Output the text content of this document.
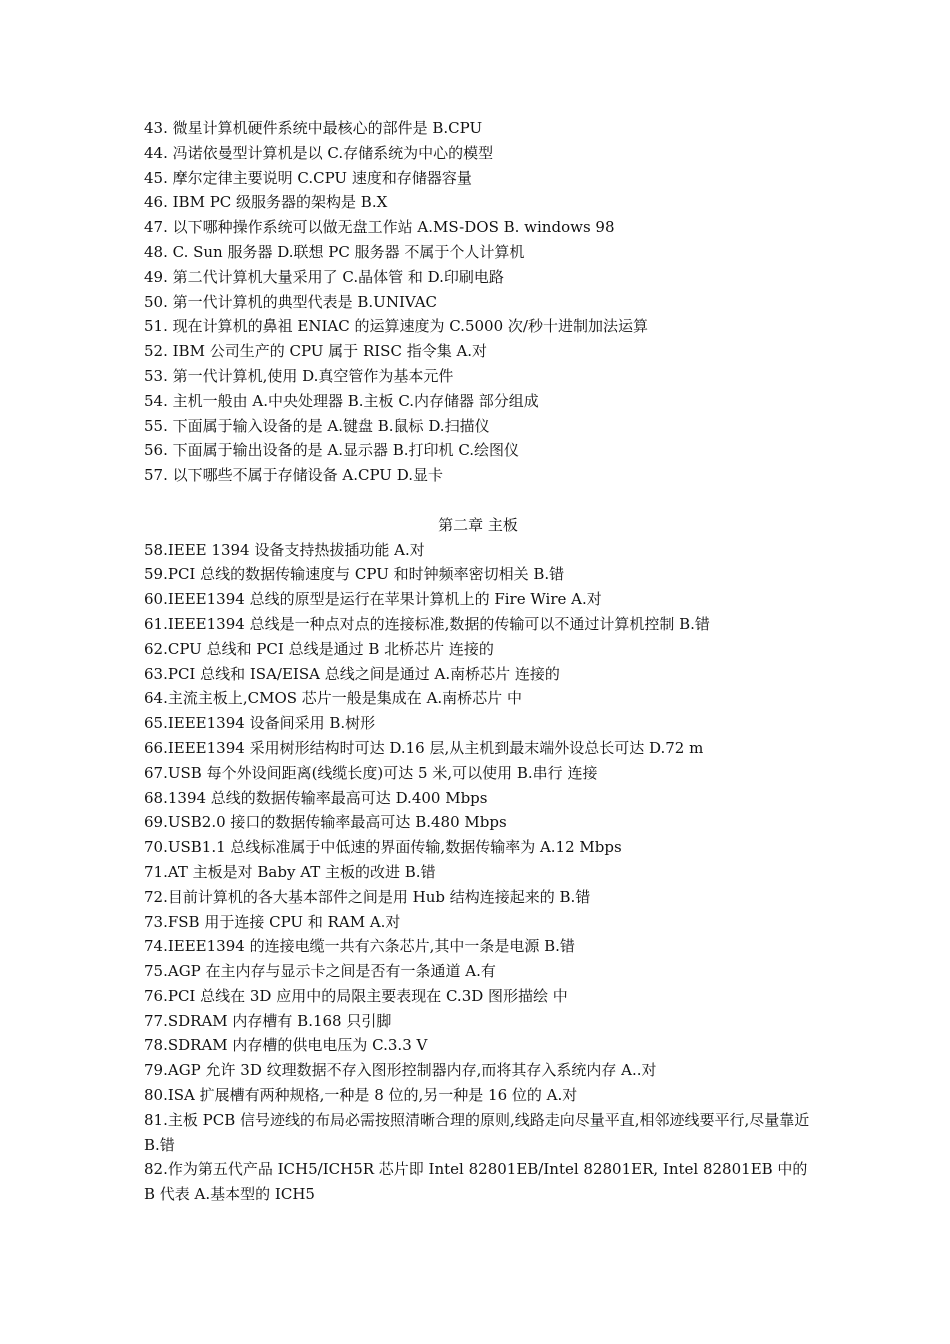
43. 微星计算机硬件系统中最核心的部件是 B.CPU
44. 冯诺依曼型计算机是以 C.存储系统为中心的模型
45. 摩尔定律主要说明 C.CPU 速度和存储器容量
46. IBM PC 级服务器的架构是 B.X
47. 以下哪种操作系统可以做无盘工作站 A.MS-DOS B. windows 98
48. C. Sun 服务器 D.联想 PC 服务器 不属于个人计算机
49. 第二代计算机大量采用了 C.晶体管 和 D.印刷电路
50. 第一代计算机的典型代表是 B.UNIVAC
51. 现在计算机的鼻祖 ENIAC 的运算速度为 C.5000 次/秒十进制加法运算
52. IBM 公司生产的 CPU 属于 RISC 指令集 A.对
53. 第一代计算机,使用 D.真空管作为基本元件
54. 主机一般由 A.中央处理器 B.主板 C.内存储器 部分组成
55. 下面属于输入设备的是 A.键盘 B.鼠标 D.扫描仪
56. 下面属于输出设备的是 A.显示器 B.打印机 C.绘图仪
57. 以下哪些不属于存储设备 A.CPU D.显卡
第二章 主板
58.IEEE 1394 设备支持热拔插功能 A.对
59.PCI 总线的数据传输速度与 CPU 和时钟频率密切相关 B.错
60.IEEE1394 总线的原型是运行在苹果计算机上的 Fire Wire A.对
61.IEEE1394 总线是一种点对点的连接标准,数据的传输可以不通过计算机控制 B.错
62.CPU 总线和 PCI 总线是通过 B 北桥芯片 连接的
63.PCI 总线和 ISA/EISA 总线之间是通过 A.南桥芯片 连接的
64.主流主板上,CMOS 芯片一般是集成在 A.南桥芯片 中
65.IEEE1394 设备间采用 B.树形
66.IEEE1394 采用树形结构时可达 D.16 层,从主机到最末端外设总长可达 D.72 m
67.USB 每个外设间距离(线缆长度)可达 5 米,可以使用 B.串行 连接
68.1394 总线的数据传输率最高可达 D.400 Mbps
69.USB2.0 接口的数据传输率最高可达 B.480 Mbps
70.USB1.1 总线标准属于中低速的界面传输,数据传输率为 A.12 Mbps
71.AT 主板是对 Baby AT 主板的改进 B.错
72.目前计算机的各大基本部件之间是用 Hub 结构连接起来的 B.错
73.FSB 用于连接 CPU 和 RAM A.对
74.IEEE1394 的连接电缆一共有六条芯片,其中一条是电源 B.错
75.AGP 在主内存与显示卡之间是否有一条通道 A.有
76.PCI 总线在 3D 应用中的局限主要表现在 C.3D 图形描绘 中
77.SDRAM 内存槽有 B.168 只引脚
78.SDRAM 内存槽的供电电压为 C.3.3 V
79.AGP 允许 3D 纹理数据不存入图形控制器内存,而将其存入系统内存 A..对
80.ISA 扩展槽有两种规格,一种是 8 位的,另一种是 16 位的 A.对
81.主板 PCB 信号迹线的布局必需按照清晰合理的原则,线路走向尽量平直,相邻迹线要平行,尽量靠近 B.错
82.作为第五代产品 ICH5/ICH5R 芯片即 Intel 82801EB/Intel 82801ER, Intel 82801EB 中的 B 代表 A.基本型的 ICH5
